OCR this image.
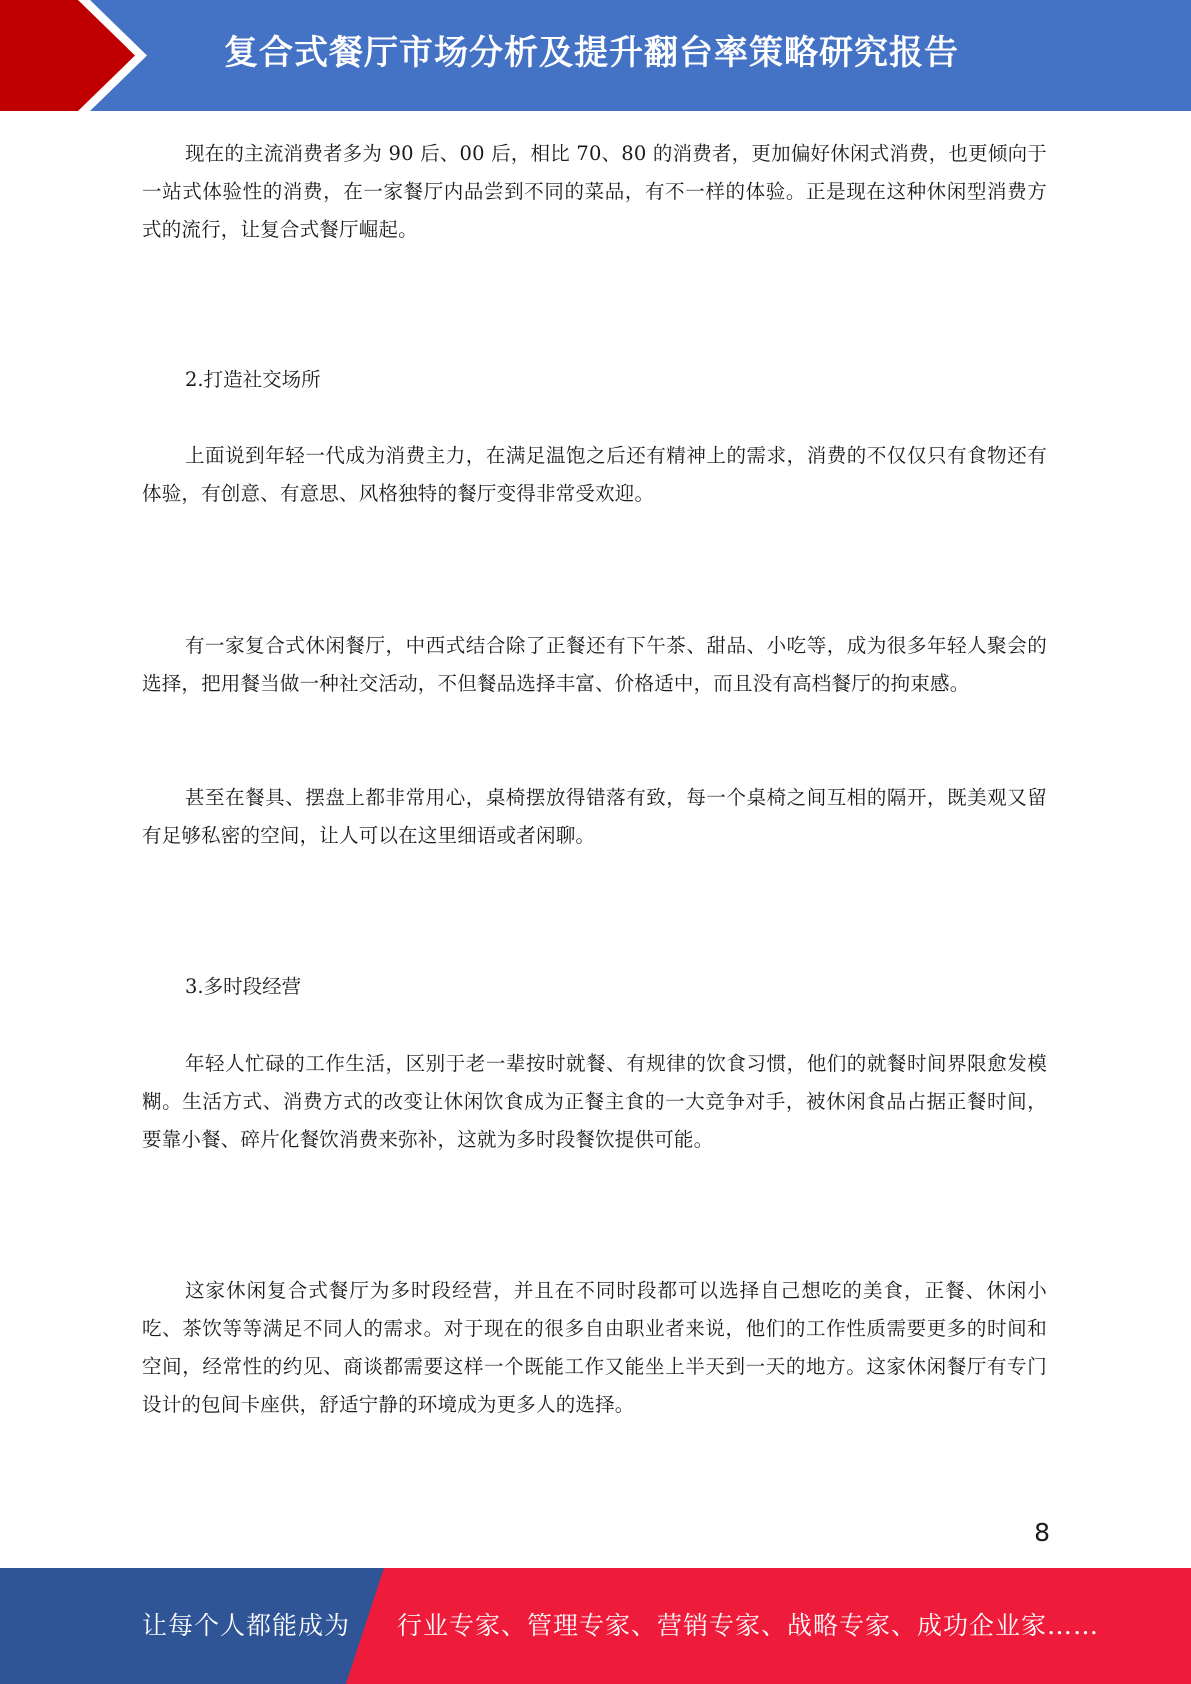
复合式餐厅市场分析及提升翻台率策略研究报告

现在的主流消费者多为 90 后、00 后，相比 70、80 的消费者，更加偏好休闲式消费，也更倾向于一站式体验性的消费，在一家餐厅内品尝到不同的菜品，有不一样的体验。正是现在这种休闲型消费方式的流行，让复合式餐厅崛起。

2.打造社交场所

上面说到年轻一代成为消费主力，在满足温饱之后还有精神上的需求，消费的不仅仅只有食物还有体验，有创意、有意思、风格独特的餐厅变得非常受欢迎。

有一家复合式休闲餐厅，中西式结合除了正餐还有下午茶、甜品、小吃等，成为很多年轻人聚会的选择，把用餐当做一种社交活动，不但餐品选择丰富、价格适中，而且没有高档餐厅的拘束感。

甚至在餐具、摆盘上都非常用心，桌椅摆放得错落有致，每一个桌椅之间互相的隔开，既美观又留有足够私密的空间，让人可以在这里细语或者闲聊。

3.多时段经营

年轻人忙碌的工作生活，区别于老一辈按时就餐、有规律的饮食习惯，他们的就餐时间界限愈发模糊。生活方式、消费方式的改变让休闲饮食成为正餐主食的一大竞争对手，被休闲食品占据正餐时间，要靠小餐、碎片化餐饮消费来弥补，这就为多时段餐饮提供可能。

这家休闲复合式餐厅为多时段经营，并且在不同时段都可以选择自己想吃的美食，正餐、休闲小吃、茶饮等等满足不同人的需求。对于现在的很多自由职业者来说，他们的工作性质需要更多的时间和空间，经常性的约见、商谈都需要这样一个既能工作又能坐上半天到一天的地方。这家休闲餐厅有专门设计的包间卡座供，舒适宁静的环境成为更多人的选择。

8
让每个人都能成为 行业专家、管理专家、营销专家、战略专家、成功企业家……
